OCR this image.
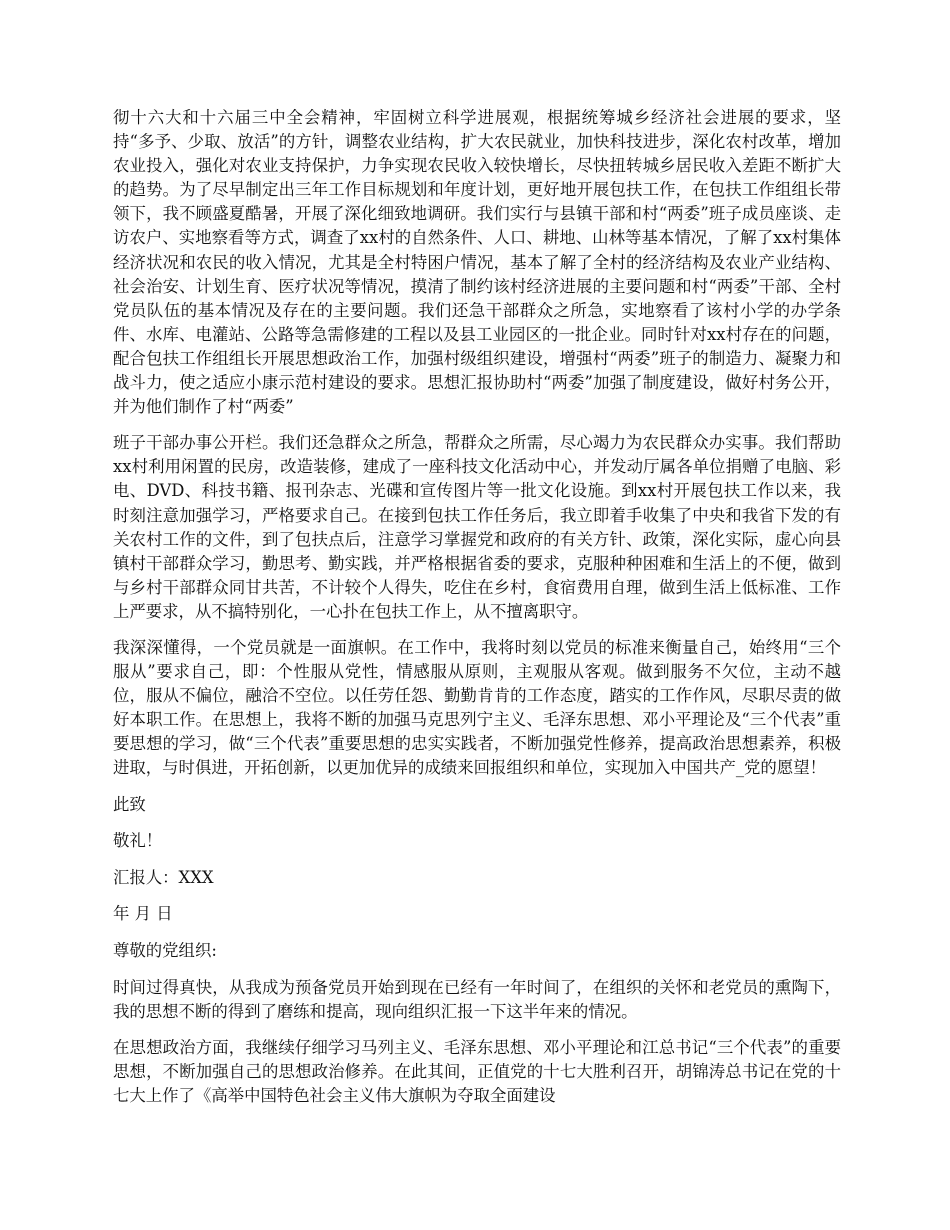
彻十六大和十六届三中全会精神，牢固树立科学进展观，根据统筹城乡经济社会进展的要求，坚持“多予、少取、放活”的方针，调整农业结构，扩大农民就业，加快科技进步，深化农村改革，增加农业投入，强化对农业支持保护，力争实现农民收入较快增长，尽快扭转城乡居民收入差距不断扩大的趋势。为了尽早制定出三年工作目标规划和年度计划，更好地开展包扶工作，在包扶工作组组长带领下，我不顾盛夏酷暑，开展了深化细致地调研。我们实行与县镇干部和村“两委”班子成员座谈、走访农户、实地察看等方式，调查了xx村的自然条件、人口、耕地、山林等基本情况，了解了xx村集体经济状况和农民的收入情况，尤其是全村特困户情况，基本了解了全村的经济结构及农业产业结构、社会治安、计划生育、医疗状况等情况，摸清了制约该村经济进展的主要问题和村“两委”干部、全村党员队伍的基本情况及存在的主要问题。我们还急干部群众之所急，实地察看了该村小学的办学条件、水库、电灌站、公路等急需修建的工程以及县工业园区的一批企业。同时针对xx村存在的问题，配合包扶工作组组长开展思想政治工作，加强村级组织建设，增强村“两委”班子的制造力、凝聚力和战斗力，使之适应小康示范村建设的要求。思想汇报协助村“两委”加强了制度建设，做好村务公开，并为他们制作了村“两委”

班子干部办事公开栏。我们还急群众之所急，帮群众之所需，尽心竭力为农民群众办实事。我们帮助xx村利用闲置的民房，改造装修，建成了一座科技文化活动中心，并发动厅属各单位捐赠了电脑、彩电、DVD、科技书籍、报刊杂志、光碟和宣传图片等一批文化设施。到xx村开展包扶工作以来，我时刻注意加强学习，严格要求自己。在接到包扶工作任务后，我立即着手收集了中央和我省下发的有关农村工作的文件，到了包扶点后，注意学习掌握党和政府的有关方针、政策，深化实际，虚心向县镇村干部群众学习，勤思考、勤实践，并严格根据省委的要求，克服种种困难和生活上的不便，做到与乡村干部群众同甘共苦，不计较个人得失，吃住在乡村，食宿费用自理，做到生活上低标准、工作上严要求，从不搞特别化，一心扑在包扶工作上，从不擅离职守。

我深深懂得，一个党员就是一面旗帜。在工作中，我将时刻以党员的标准来衡量自己，始终用“三个服从”要求自己，即：个性服从党性，情感服从原则，主观服从客观。做到服务不欠位，主动不越位，服从不偏位，融洽不空位。以任劳任怨、勤勤肯肯的工作态度，踏实的工作作风，尽职尽责的做好本职工作。在思想上，我将不断的加强马克思列宁主义、毛泽东思想、邓小平理论及“三个代表”重要思想的学习，做“三个代表”重要思想的忠实实践者，不断加强党性修养，提高政治思想素养，积极进取，与时俱进，开拓创新，以更加优异的成绩来回报组织和单位，实现加入中国共产_党的愿望！

此致

敬礼！

汇报人：XXX

年 月 日

尊敬的党组织:

时间过得真快，从我成为预备党员开始到现在已经有一年时间了，在组织的关怀和老党员的熏陶下，我的思想不断的得到了磨练和提高，现向组织汇报一下这半年来的情况。

在思想政治方面，我继续仔细学习马列主义、毛泽东思想、邓小平理论和江总书记“三个代表”的重要思想，不断加强自己的思想政治修养。在此其间，正值党的十七大胜利召开，胡锦涛总书记在党的十七大上作了《高举中国特色社会主义伟大旗帜为夺取全面建设
